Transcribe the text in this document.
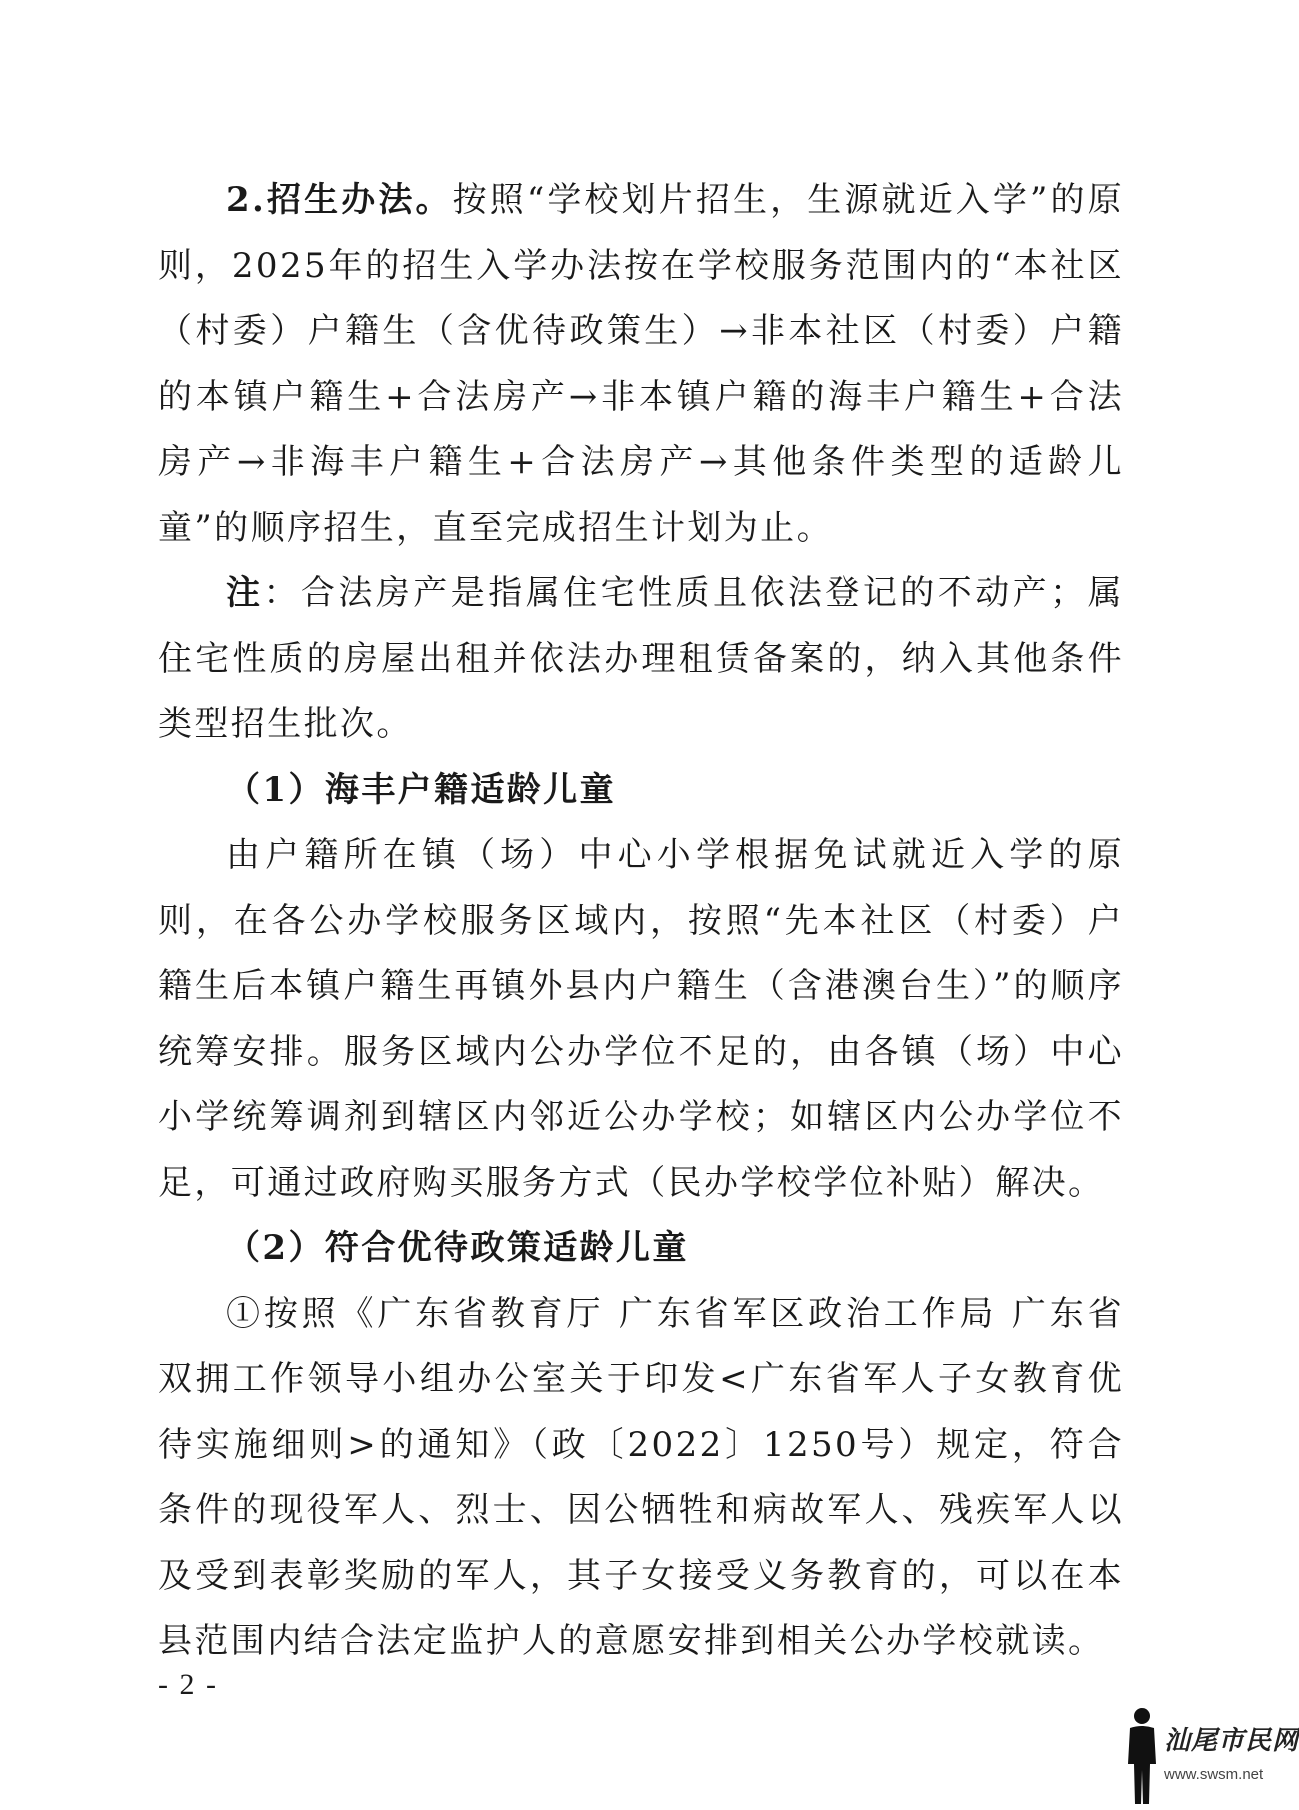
2.招生办法。按照“学校划片招生，生源就近入学”的原则，2025年的招生入学办法按在学校服务范围内的“本社区（村委）户籍生（含优待政策生）→非本社区（村委）户籍的本镇户籍生+合法房产→非本镇户籍的海丰户籍生+合法房产→非海丰户籍生+合法房产→其他条件类型的适龄儿童”的顺序招生，直至完成招生计划为止。

注：合法房产是指属住宅性质且依法登记的不动产；属住宅性质的房屋出租并依法办理租赁备案的，纳入其他条件类型招生批次。

（1）海丰户籍适龄儿童

由户籍所在镇（场）中心小学根据免试就近入学的原则，在各公办学校服务区域内，按照“先本社区（村委）户籍生后本镇户籍生再镇外县内户籍生（含港澳台生）”的顺序统筹安排。服务区域内公办学位不足的，由各镇（场）中心小学统筹调剂到辖区内邻近公办学校；如辖区内公办学位不足，可通过政府购买服务方式（民办学校学位补贴）解决。

（2）符合优待政策适龄儿童

①按照《广东省教育厅 广东省军区政治工作局 广东省双拥工作领导小组办公室关于印发<广东省军人子女教育优待实施细则>的通知》（政〔2022〕1250号）规定，符合条件的现役军人、烈士、因公牺牲和病故军人、残疾军人以及受到表彰奖励的军人，其子女接受义务教育的，可以在本县范围内结合法定监护人的意愿安排到相关公办学校就读。

- 2 -
汕尾市民网
www.swsm.net
